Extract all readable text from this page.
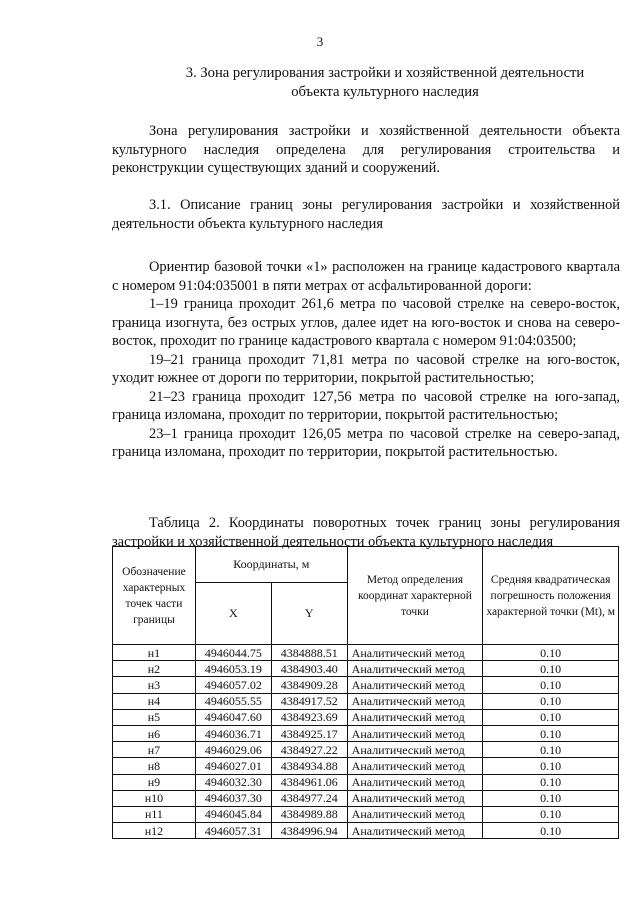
3
3. Зона регулирования застройки и хозяйственной деятельности
объекта культурного наследия

Зона регулирования застройки и хозяйственной деятельности объекта культурного наследия определена для регулирования строительства и реконструкции существующих зданий и сооружений.

3.1. Описание границ зоны регулирования застройки и хозяйственной деятельности объекта культурного наследия

Ориентир базовой точки «1» расположен на границе кадастрового квартала с номером 91:04:035001 в пяти метрах от асфальтированной дороги:

1–19 граница проходит 261,6 метра по часовой стрелке на северо-восток, граница изогнута, без острых углов, далее идет на юго-восток и снова на северо-восток, проходит по границе кадастрового квартала с номером 91:04:03500;

19–21 граница проходит 71,81 метра по часовой стрелке на юго-восток, уходит южнее от дороги по территории, покрытой растительностью;

21–23 граница проходит 127,56 метра по часовой стрелке на юго-запад, граница изломана, проходит по территории, покрытой растительностью;

23–1 граница проходит 126,05 метра по часовой стрелке на северо-запад, граница изломана, проходит по территории, покрытой растительностью.

Таблица 2. Координаты поворотных точек границ зоны регулирования застройки и хозяйственной деятельности объекта культурного наследия

Обозначение характерных точек части границы	Координаты, м		Метод определения координат характерной точки	Средняя квадратическая погрешность положения характерной точки (Mt), м
	X	Y		
н1	4946044.75	4384888.51	Аналитический метод	0.10
н2	4946053.19	4384903.40	Аналитический метод	0.10
н3	4946057.02	4384909.28	Аналитический метод	0.10
н4	4946055.55	4384917.52	Аналитический метод	0.10
н5	4946047.60	4384923.69	Аналитический метод	0.10
н6	4946036.71	4384925.17	Аналитический метод	0.10
н7	4946029.06	4384927.22	Аналитический метод	0.10
н8	4946027.01	4384934.88	Аналитический метод	0.10
н9	4946032.30	4384961.06	Аналитический метод	0.10
н10	4946037.30	4384977.24	Аналитический метод	0.10
н11	4946045.84	4384989.88	Аналитический метод	0.10
н12	4946057.31	4384996.94	Аналитический метод	0.10
